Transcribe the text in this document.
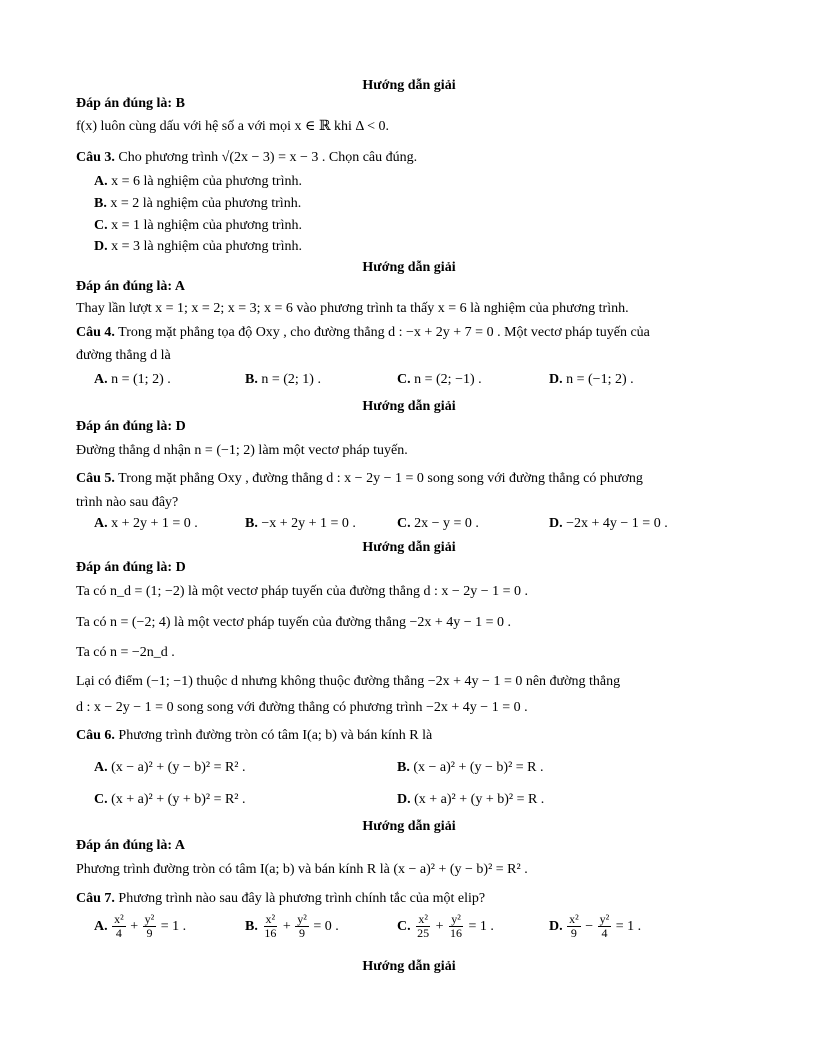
Hướng dẫn giải
Đáp án đúng là: B
f(x) luôn cùng dấu với hệ số a với mọi x ∈ ℝ khi Δ < 0.
Câu 3. Cho phương trình √(2x − 3) = x − 3 . Chọn câu đúng.
A. x = 6 là nghiệm của phương trình.
B. x = 2 là nghiệm của phương trình.
C. x = 1 là nghiệm của phương trình.
D. x = 3 là nghiệm của phương trình.
Hướng dẫn giải
Đáp án đúng là: A
Thay lần lượt x = 1; x = 2; x = 3; x = 6 vào phương trình ta thấy x = 6 là nghiệm của phương trình.
Câu 4. Trong mặt phẳng tọa độ Oxy , cho đường thẳng d : −x + 2y + 7 = 0 . Một vectơ pháp tuyến của
đường thẳng d là
A. n = (1; 2) .	B. n = (2; 1) .	C. n = (2; −1) .	D. n = (−1; 2) .
Hướng dẫn giải
Đáp án đúng là: D
Đường thẳng d nhận n = (−1; 2) làm một vectơ pháp tuyến.
Câu 5. Trong mặt phẳng Oxy , đường thẳng d : x − 2y − 1 = 0 song song với đường thẳng có phương
trình nào sau đây?
A. x + 2y + 1 = 0 .	B. −x + 2y + 1 = 0 .	C. 2x − y = 0 .	D. −2x + 4y − 1 = 0 .
Hướng dẫn giải
Đáp án đúng là: D
Ta có n_d = (1; −2) là một vectơ pháp tuyến của đường thẳng d : x − 2y − 1 = 0 .
Ta có n = (−2; 4) là một vectơ pháp tuyến của đường thẳng −2x + 4y − 1 = 0 .
Ta có n = −2n_d .
Lại có điểm (−1; −1) thuộc d nhưng không thuộc đường thẳng −2x + 4y − 1 = 0 nên đường thẳng
d : x − 2y − 1 = 0 song song với đường thẳng có phương trình −2x + 4y − 1 = 0 .
Câu 6. Phương trình đường tròn có tâm I(a; b) và bán kính R là
A. (x − a)² + (y − b)² = R² .	B. (x − a)² + (y − b)² = R .
C. (x + a)² + (y + b)² = R² .	D. (x + a)² + (y + b)² = R .
Hướng dẫn giải
Đáp án đúng là: A
Phương trình đường tròn có tâm I(a; b) và bán kính R là (x − a)² + (y − b)² = R² .
Câu 7. Phương trình nào sau đây là phương trình chính tắc của một elip?
A. $\frac{\text{x²}}{4} + \frac{\text{y²}}{9} = 1$ .	B. $\frac{\text{x²}}{16} + \frac{\text{y²}}{9} = 0$ .	C. $\frac{\text{x²}}{25} + \frac{\text{y²}}{16} = 1$ .	D. $\frac{\text{x²}}{9} - \frac{\text{y²}}{4} = 1$ .
Hướng dẫn giải
